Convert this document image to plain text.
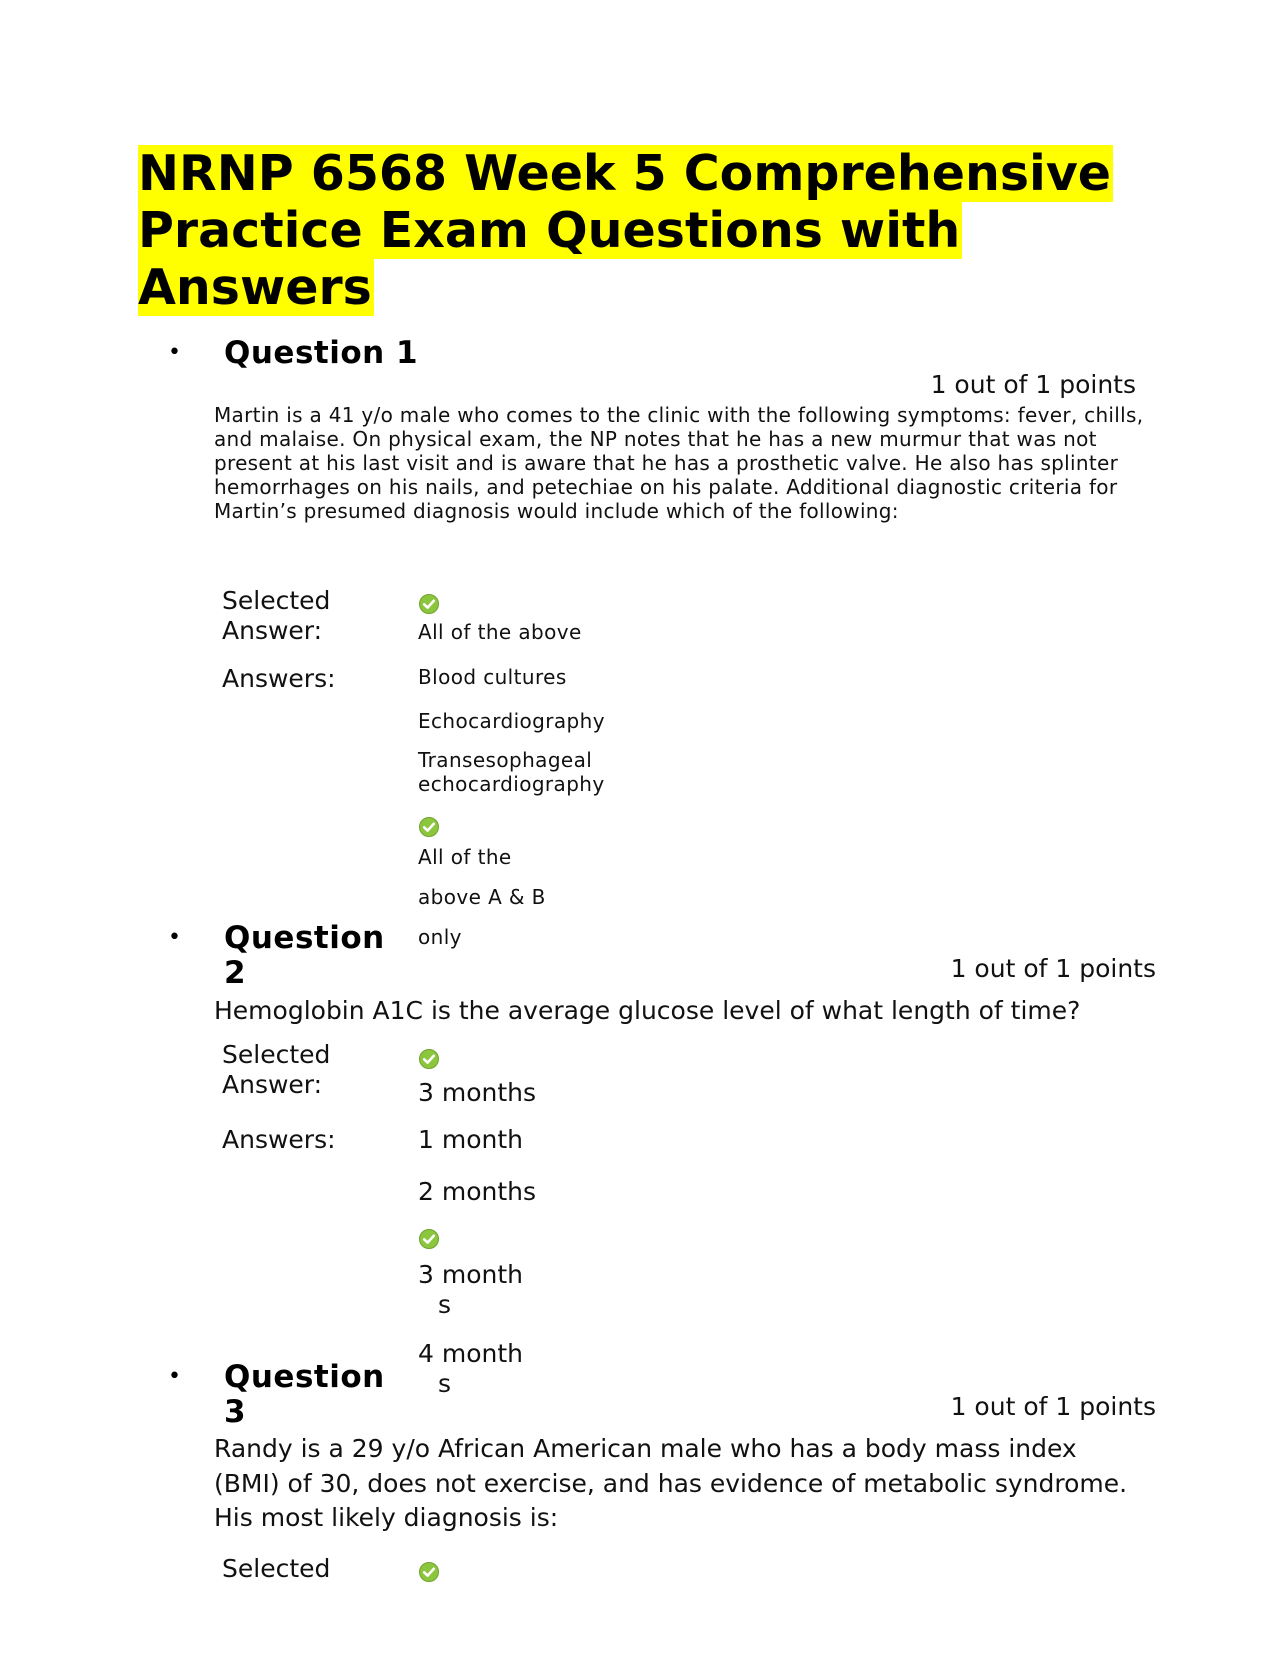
NRNP 6568 Week 5 Comprehensive Practice Exam Questions with Answers
• Question 1
1 out of 1 points

Martin is a 41 y/o male who comes to the clinic with the following symptoms: fever, chills, and malaise. On physical exam, the NP notes that he has a new murmur that was not present at his last visit and is aware that he has a prosthetic valve. He also has splinter hemorrhages on his nails, and petechiae on his palate. Additional diagnostic criteria for Martin’s presumed diagnosis would include which of the following:

Selected Answer:	All of the above
Answers:	Blood cultures
Echocardiography
Transesophageal echocardiography
All of the
above A & B
only
• Question 2	1 out of 1 points

Hemoglobin A1C is the average glucose level of what length of time?

Selected Answer:	3 months
Answers:	1 month
2 months
3 month
s
4 month
s
• Question 3	1 out of 1 points

Randy is a 29 y/o African American male who has a body mass index (BMI) of 30, does not exercise, and has evidence of metabolic syndrome. His most likely diagnosis is:

Selected
